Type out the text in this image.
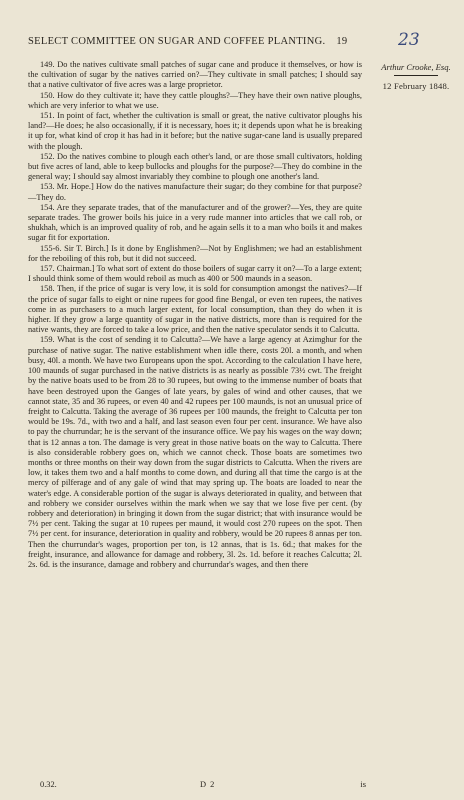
SELECT COMMITTEE ON SUGAR AND COFFEE PLANTING. 19	23
Arthur Crooke, Esq.
12 February 1848.

149. Do the natives cultivate small patches of sugar cane and produce it themselves, or how is the cultivation of sugar by the natives carried on?—They cultivate in small patches; I should say that a native cultivator of five acres was a large proprietor.

150. How do they cultivate it; have they cattle ploughs?—They have their own native ploughs, which are very inferior to what we use.

151. In point of fact, whether the cultivation is small or great, the native cultivator ploughs his land?—He does; he also occasionally, if it is necessary, hoes it; it depends upon what he is breaking it up for, what kind of crop it has had in it before; but the native sugar-cane land is usually prepared with the plough.

152. Do the natives combine to plough each other's land, or are those small cultivators, holding but five acres of land, able to keep bullocks and ploughs for the purpose?—They do combine in the general way; I should say almost invariably they combine to plough one another's land.

153. Mr. Hope.] How do the natives manufacture their sugar; do they combine for that purpose?—They do.

154. Are they separate trades, that of the manufacturer and of the grower?—Yes, they are quite separate trades. The grower boils his juice in a very rude manner into articles that we call rob, or shukhah, which is an improved quality of rob, and he again sells it to a man who boils it and makes sugar fit for exportation.

155-6. Sir T. Birch.] Is it done by Englishmen?—Not by Englishmen; we had an establishment for the reboiling of this rob, but it did not succeed.

157. Chairman.] To what sort of extent do those boilers of sugar carry it on?—To a large extent; I should think some of them would reboil as much as 400 or 500 maunds in a season.

158. Then, if the price of sugar is very low, it is sold for consumption amongst the natives?—If the price of sugar falls to eight or nine rupees for good fine Bengal, or even ten rupees, the natives come in as purchasers to a much larger extent, for local consumption, than they do when it is higher. If they grow a large quantity of sugar in the native districts, more than is required for the native wants, they are forced to take a low price, and then the native speculator sends it to Calcutta.

159. What is the cost of sending it to Calcutta?—We have a large agency at Azimghur for the purchase of native sugar. The native establishment when idle there, costs 20l. a month, and when busy, 40l. a month. We have two Europeans upon the spot. According to the calculation I have here, 100 maunds of sugar purchased in the native districts is as nearly as possible 73½ cwt. The freight by the native boats used to be from 28 to 30 rupees, but owing to the immense number of boats that have been destroyed upon the Ganges of late years, by gales of wind and other causes, that we cannot state, 35 and 36 rupees, or even 40 and 42 rupees per 100 maunds, is not an unusual price of freight to Calcutta. Taking the average of 36 rupees per 100 maunds, the freight to Calcutta per ton would be 19s. 7d., with two and a half, and last season even four per cent. insurance. We have also to pay the churrundar; he is the servant of the insurance office. We pay his wages on the way down; that is 12 annas a ton. The damage is very great in those native boats on the way to Calcutta. There is also considerable robbery goes on, which we cannot check. Those boats are sometimes two months or three months on their way down from the sugar districts to Calcutta. When the rivers are low, it takes them two and a half months to come down, and during all that time the cargo is at the mercy of pilferage and of any gale of wind that may spring up. The boats are loaded to near the water's edge. A considerable portion of the sugar is always deteriorated in quality, and between that and robbery we consider ourselves within the mark when we say that we lose five per cent. (by robbery and deterioration) in bringing it down from the sugar district; that with insurance would be 7½ per cent. Taking the sugar at 10 rupees per maund, it would cost 270 rupees on the spot. Then 7½ per cent. for insurance, deterioration in quality and robbery, would be 20 rupees 8 annas per ton. Then the churrundar's wages, proportion per ton, is 12 annas, that is 1s. 6d.; that makes for the freight, insurance, and allowance for damage and robbery, 3l. 2s. 1d. before it reaches Calcutta; 2l. 2s. 6d. is the insurance, damage and robbery and churrundar's wages, and then there

0.32.	D 2	is
